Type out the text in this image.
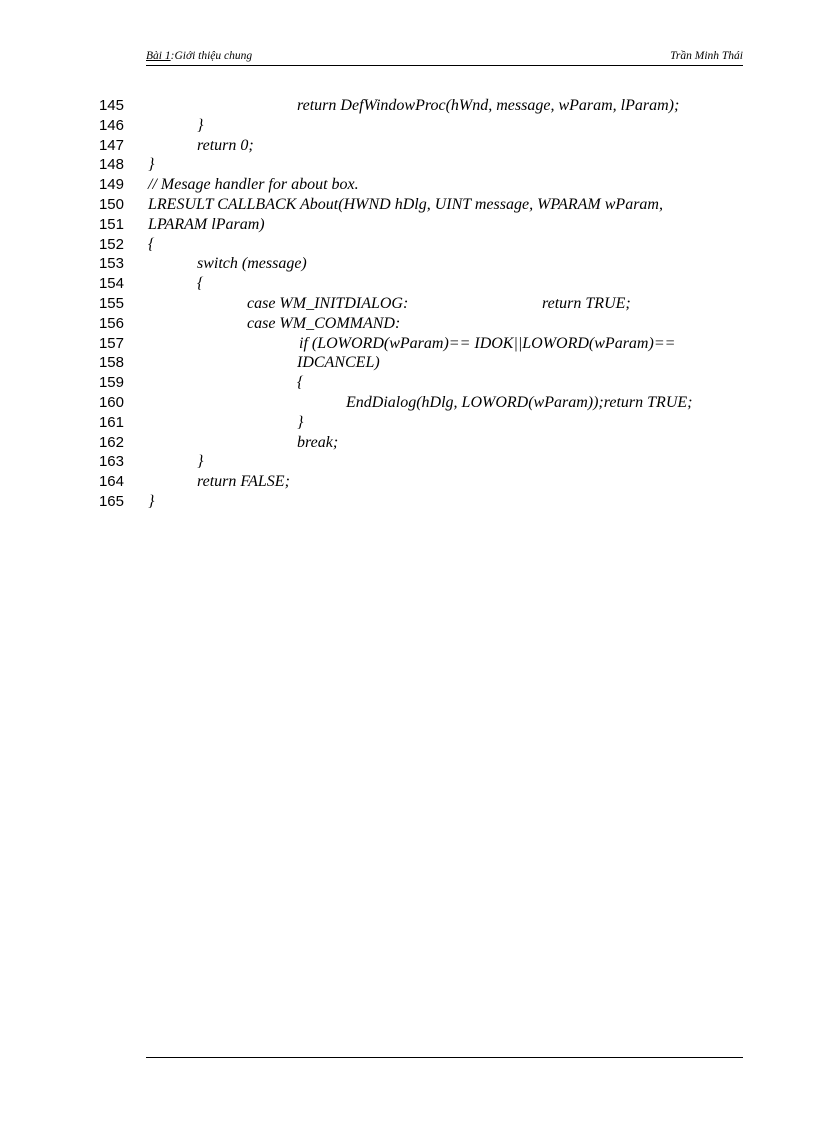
Bài 1:Giới thiệu chung	Trần Minh Thái
145	return DefWindowProc(hWnd, message, wParam, lParam);
146	}
147	return 0;
148 }
149 // Mesage handler for about box.
150 LRESULT CALLBACK About(HWND hDlg, UINT message, WPARAM wParam,
151 LPARAM lParam)
152 {
153	switch (message)
154	{
155	case WM_INITDIALOG:	return TRUE;
156	case WM_COMMAND:
157	if (LOWORD(wParam)== IDOK||LOWORD(wParam)==
158	IDCANCEL)
159	{
160	EndDialog(hDlg, LOWORD(wParam));return TRUE;
161	}
162	break;
163	}
164	return FALSE;
165 }
